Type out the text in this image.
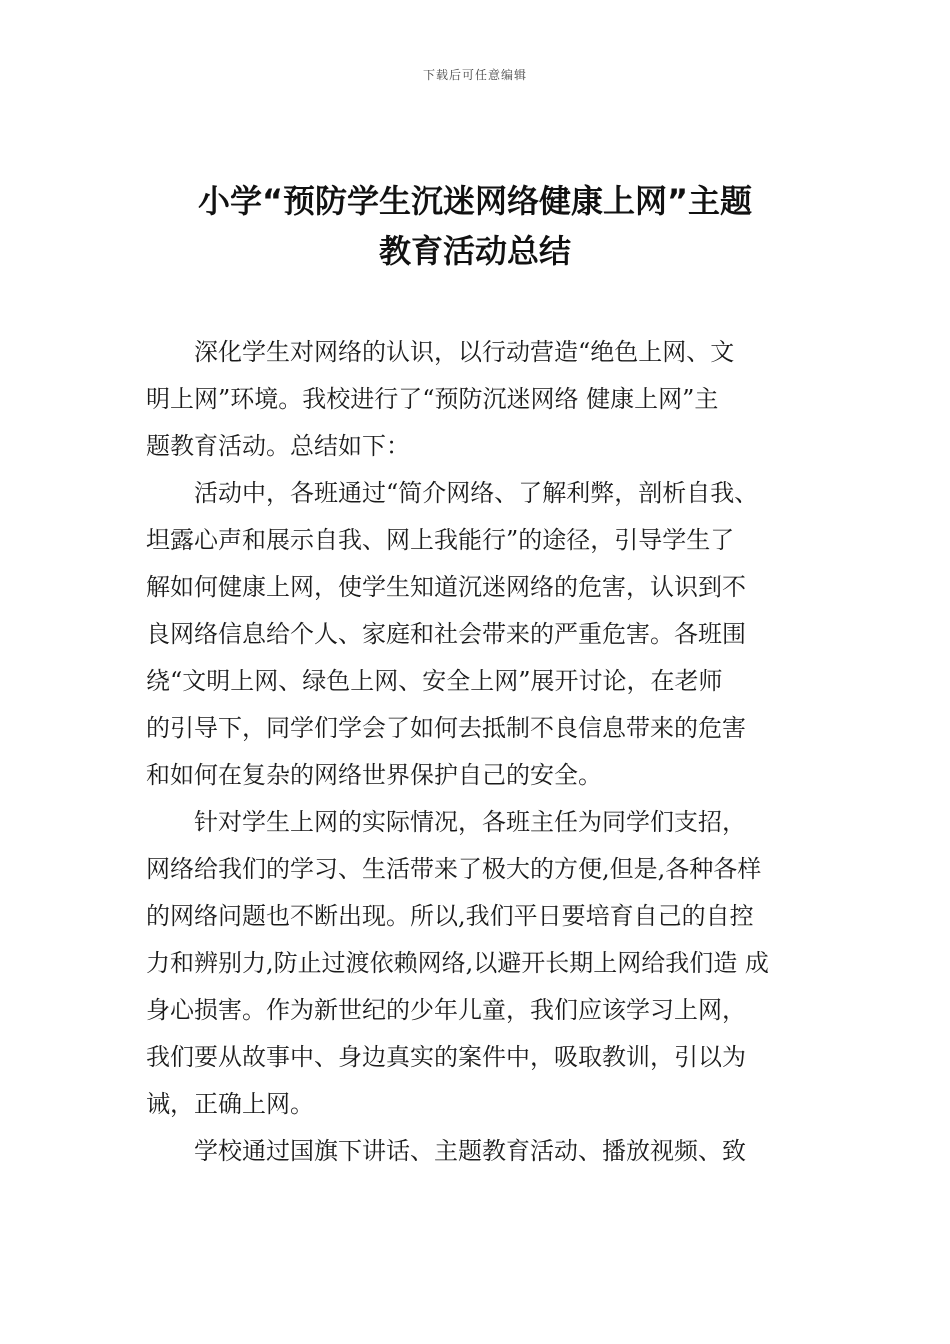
下载后可任意编辑
小学“预防学生沉迷网络健康上网”主题
教育活动总结

深化学生对网络的认识，以行动营造“绝色上网、文
明上网”环境。我校进行了“预防沉迷网络 健康上网”主
题教育活动。总结如下：

活动中，各班通过“简介网络、了解利弊，剖析自我、
坦露心声和展示自我、网上我能行”的途径，引导学生了
解如何健康上网，使学生知道沉迷网络的危害，认识到不
良网络信息给个人、家庭和社会带来的严重危害。各班围
绕“文明上网、绿色上网、安全上网”展开讨论，在老师
的引导下，同学们学会了如何去抵制不良信息带来的危害
和如何在复杂的网络世界保护自己的安全。

针对学生上网的实际情况，各班主任为同学们支招，
网络给我们的学习、生活带来了极大的方便,但是,各种各样
的网络问题也不断出现。所以,我们平日要培育自己的自控
力和辨别力,防止过渡依赖网络,以避开长期上网给我们造 成
身心损害。作为新世纪的少年儿童，我们应该学习上网，
我们要从故事中、身边真实的案件中，吸取教训，引以为
诫，正确上网。

学校通过国旗下讲话、主题教育活动、播放视频、致
